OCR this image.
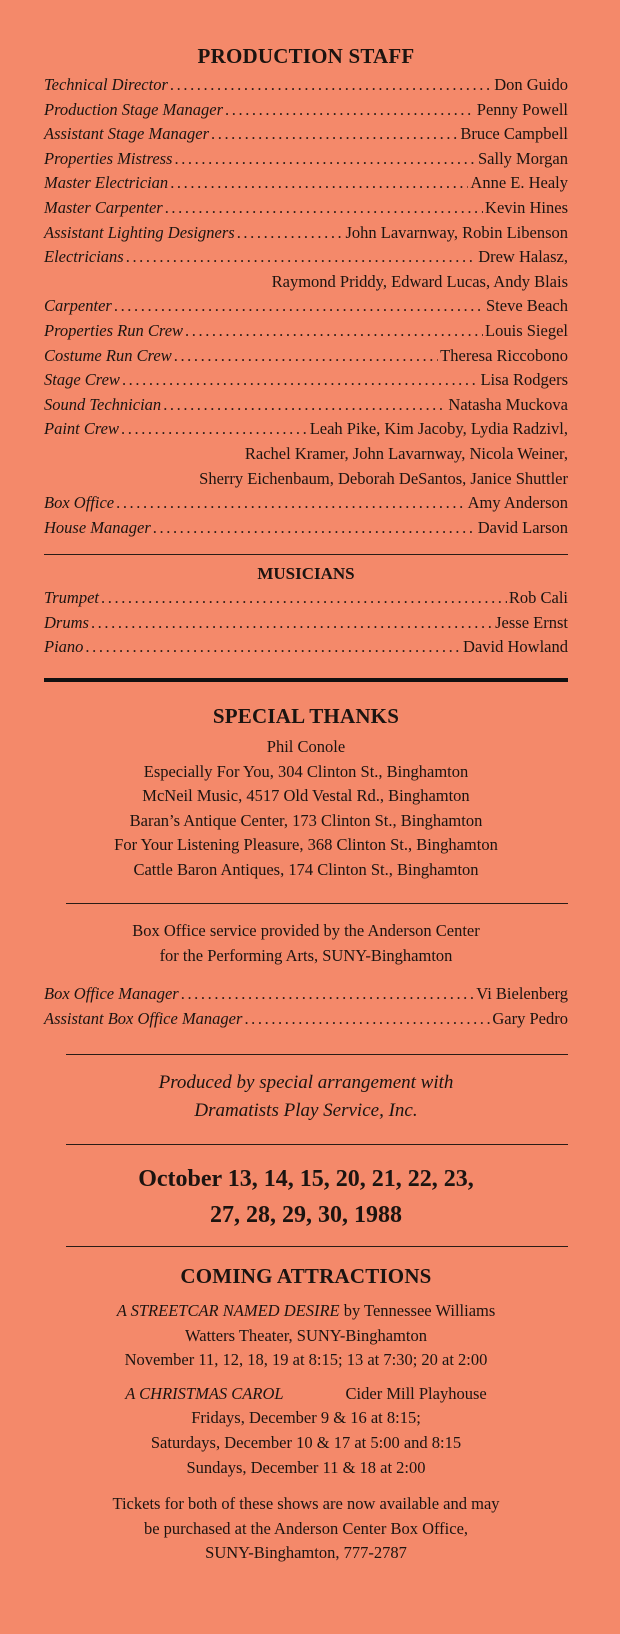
PRODUCTION STAFF
Technical Director .....	Don Guido
Production Stage Manager .....	Penny Powell
Assistant Stage Manager .....	Bruce Campbell
Properties Mistress .....	Sally Morgan
Master Electrician .....	Anne E. Healy
Master Carpenter .....	Kevin Hines
Assistant Lighting Designers .....	John Lavarnway, Robin Libenson
Electricians .....	Drew Halasz,
Raymond Priddy, Edward Lucas, Andy Blais
Carpenter .....	Steve Beach
Properties Run Crew .....	Louis Siegel
Costume Run Crew .....	Theresa Riccobono
Stage Crew .....	Lisa Rodgers
Sound Technician .....	Natasha Muckova
Paint Crew .....	Leah Pike, Kim Jacoby, Lydia Radzivl,
Rachel Kramer, John Lavarnway, Nicola Weiner,
Sherry Eichenbaum, Deborah DeSantos, Janice Shuttler
Box Office .....	Amy Anderson
House Manager .....	David Larson
MUSICIANS
Trumpet .....	Rob Cali
Drums .....	Jesse Ernst
Piano .....	David Howland
SPECIAL THANKS
Phil Conole
Especially For You, 304 Clinton St., Binghamton
McNeil Music, 4517 Old Vestal Rd., Binghamton
Baran’s Antique Center, 173 Clinton St., Binghamton
For Your Listening Pleasure, 368 Clinton St., Binghamton
Cattle Baron Antiques, 174 Clinton St., Binghamton
Box Office service provided by the Anderson Center
for the Performing Arts, SUNY-Binghamton
Box Office Manager .....	Vi Bielenberg
Assistant Box Office Manager .....	Gary Pedro
Produced by special arrangement with
Dramatists Play Service, Inc.
October 13, 14, 15, 20, 21, 22, 23,
27, 28, 29, 30, 1988
COMING ATTRACTIONS
A STREETCAR NAMED DESIRE by Tennessee Williams
Watters Theater, SUNY-Binghamton
November 11, 12, 18, 19 at 8:15; 13 at 7:30; 20 at 2:00
A CHRISTMAS CAROL	Cider Mill Playhouse
Fridays, December 9 & 16 at 8:15;
Saturdays, December 10 & 17 at 5:00 and 8:15
Sundays, December 11 & 18 at 2:00
Tickets for both of these shows are now available and may
be purchased at the Anderson Center Box Office,
SUNY-Binghamton, 777-2787
